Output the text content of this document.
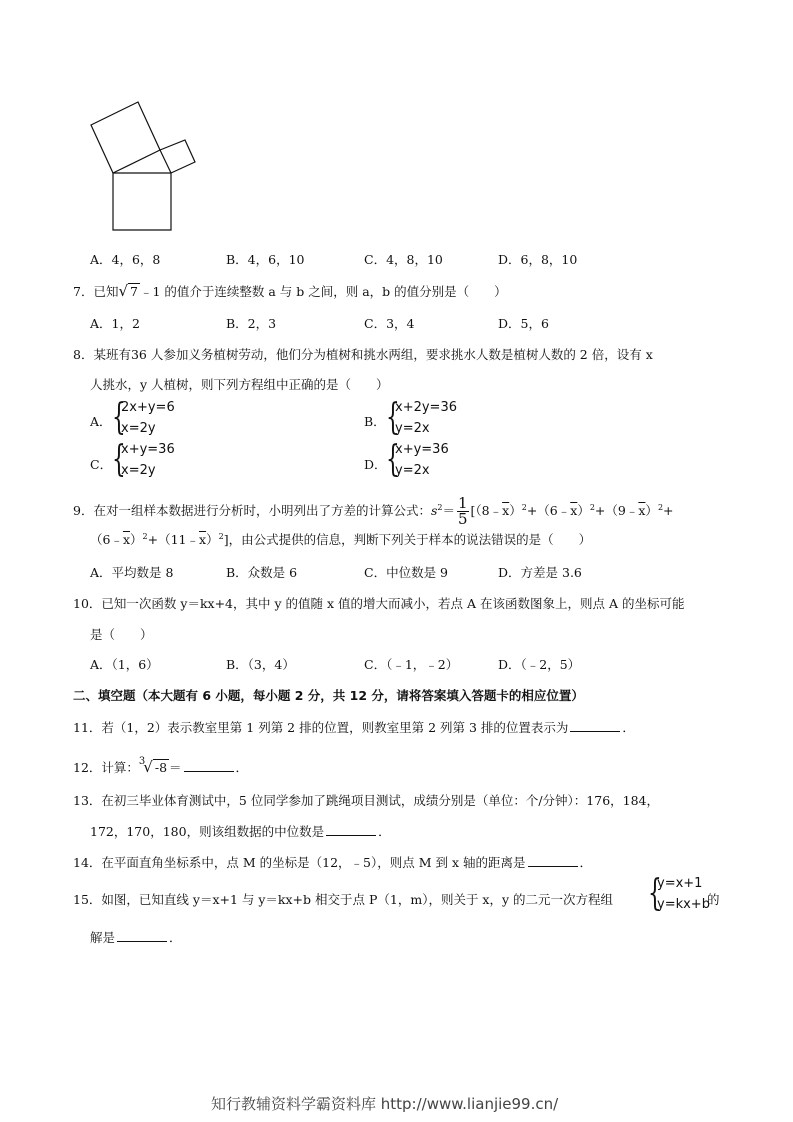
A．4，6，8	B．4，6，10	C．4，8，10	D．6，8，10
7．已知√ 7 ﹣1 的值介于连续整数 a 与 b 之间，则 a，b 的值分别是（　　）
A．1，2	B．2，3	C．3，4	D．5，6
8．某班有36 人参加义务植树劳动，他们分为植树和挑水两组，要求挑水人数是植树人数的 2 倍，设有 x
人挑水，y 人植树，则下列方程组中正确的是（　　）
A． {
2x+y=6
x=2y	B． {
x+2y=36
y=2x
C． {
x+y=36
x=2y	D． {
x+y=36
y=2x
9．在对一组样本数据进行分析时，小明列出了方差的计算公式：$s^2= \frac{1}{5}$ [$(8﹣\overline{x})^2+(6﹣\overline{x})^2+(9﹣\overline{x})^2+$
$(6﹣\overline{x})^2+(11﹣\overline{x})^2$]，由公式提供的信息，判断下列关于样本的说法错误的是（　　）
A．平均数是 8	B．众数是 6	C．中位数是 9	D．方差是 3.6
10．已知一次函数 y＝kx+4，其中 y 的值随 x 值的增大而减小，若点 A 在该函数图象上，则点 A 的坐标可能
是（　　）
A．（1，6）	B．（3，4）	C．（﹣1，﹣2）	D．（﹣2，5）
二、填空题（本大题有 6 小题，每小题 2 分，共 12 分，请将答案填入答题卡的相应位置）
11．若（1，2）表示教室里第 1 列第 2 排的位置，则教室里第 2 列第 3 排的位置表示为	．
12．计算：$^3$√ -8 ＝	．
13．在初三毕业体育测试中，5 位同学参加了跳绳项目测试，成绩分别是（单位：个/分钟）：176，184，
172，170，180，则该组数据的中位数是	．
14．在平面直角坐标系中，点 M 的坐标是（12，﹣5），则点 M 到 x 轴的距离是	．
15．如图，已知直线 y＝x+1 与 y＝kx+b 相交于点 P（1，m），则关于 x，y 的二元一次方程组 {
y=x+1
y=kx+b
的
解是	．
知行教辅资料学霸资料库 http://www.lianjie99.cn/
